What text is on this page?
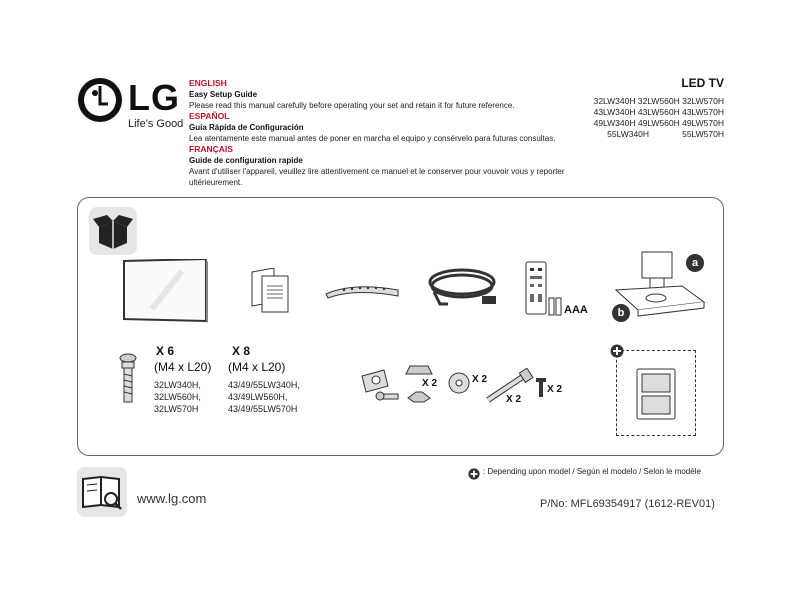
LG
Life's Good
ENGLISH
Easy Setup Guide
Please read this manual carefully before operating your set and retain it for future reference.
ESPAÑOL
Guía Rápida de Configuración
Lea atentamente este manual antes de poner en marcha el equipo y consérvelo para futuras consultas.
FRANÇAIS
Guide de configuration rapide
Avant d'utiliser l'appareil, veuillez lire attentivement ce manuel et le conserver pour vouvoir vous y reporter ultérieurement.
LED TV
32LW340H 32LW560H 32LW570H
43LW340H 43LW560H 43LW570H
49LW340H 49LW560H 49LW570H
55LW340H              55LW570H
AAA
a
b
X 6
(M4 x L20)
32LW340H,
32LW560H,
32LW570H
X 8
(M4 x L20)
43/49/55LW340H,
43/49LW560H,
43/49/55LW570H
X 2	X 2
X 2
X 2
: Depending upon model / Según el modelo / Selon le modèle
www.lg.com	P/No: MFL69354917 (1612-REV01)
